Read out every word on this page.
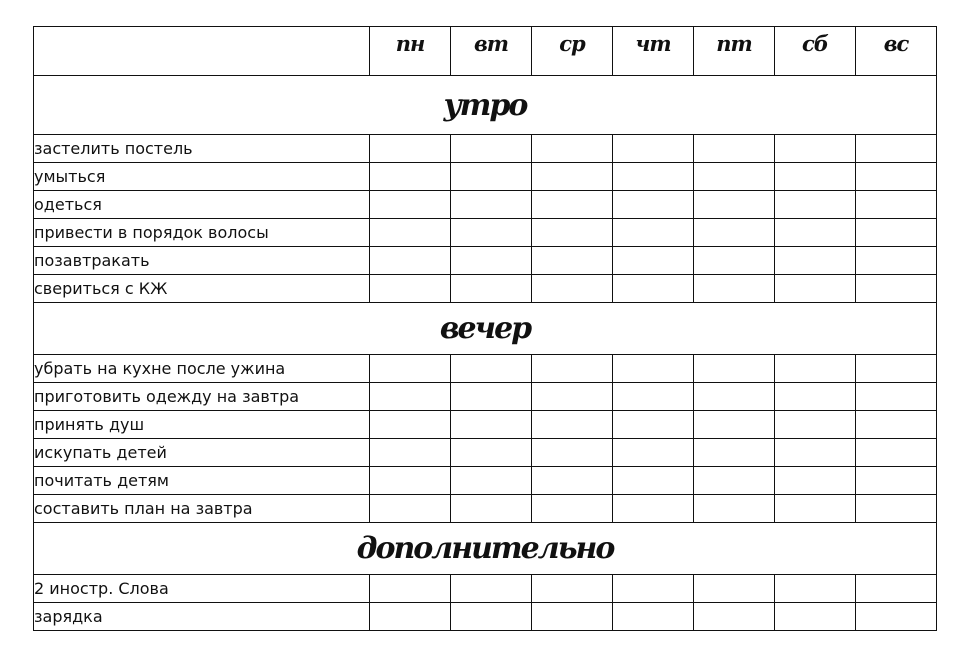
	пн	вт	ср	чт	пт	сб	вс
утро							
застелить постель							
умыться							
одеться							
привести в порядок волосы							
позавтракать							
свериться с КЖ							
вечер							
убрать на кухне после ужина							
приготовить одежду на завтра							
принять душ							
искупать детей							
почитать детям							
составить план на завтра							
дополнительно							
2 иностр. Слова							
зарядка							
